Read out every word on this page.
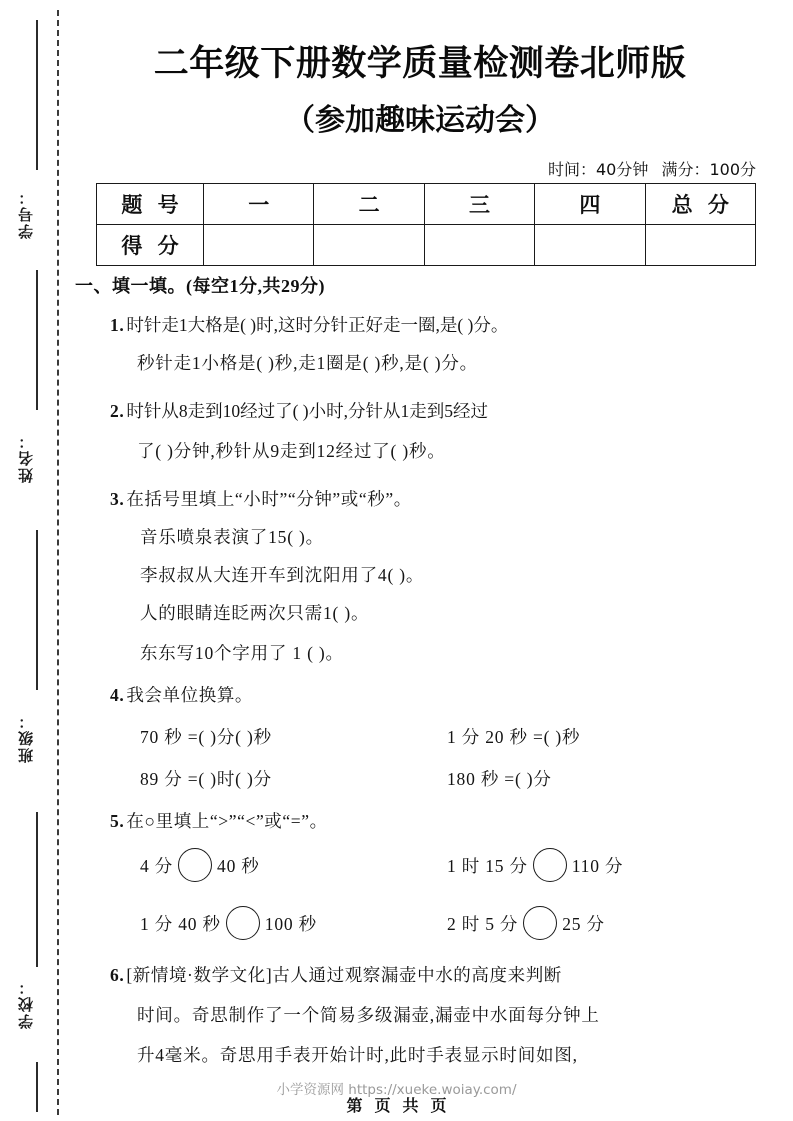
学号：
姓名：
班级：
学校：
二年级下册数学质量检测卷北师版
（参加趣味运动会）
时间：40分钟 满分：100分
题 号	一	二	三	四	总 分
得 分					
一、填一填。(每空1分,共29分)
1. 时针走1大格是( )时,这时分针正好走一圈,是( )分。
秒针走1小格是( )秒,走1圈是( )秒,是( )分。
2. 时针从8走到10经过了( )小时,分针从1走到5经过
了( )分钟,秒针从9走到12经过了( )秒。
3. 在括号里填上“小时”“分钟”或“秒”。
音乐喷泉表演了15( )。
李叔叔从大连开车到沈阳用了4( )。
人的眼睛连眨两次只需1( )。
东东写10个字用了 1 ( )。
4. 我会单位换算。
70 秒 =( )分( )秒	1 分 20 秒 =( )秒
89 分 =( )时( )分	180 秒 =( )分
5. 在○里填上“>”“<”或“=”。
4 分	40 秒	1 时 15 分	110 分
1 分 40 秒	100 秒	2 时 5 分	25 分
6. [新情境·数学文化]古人通过观察漏壶中水的高度来判断
时间。奇思制作了一个简易多级漏壶,漏壶中水面每分钟上
升4毫米。奇思用手表开始计时,此时手表显示时间如图,
小学资源网 https://xueke.woiay.com/
第 页 共 页
